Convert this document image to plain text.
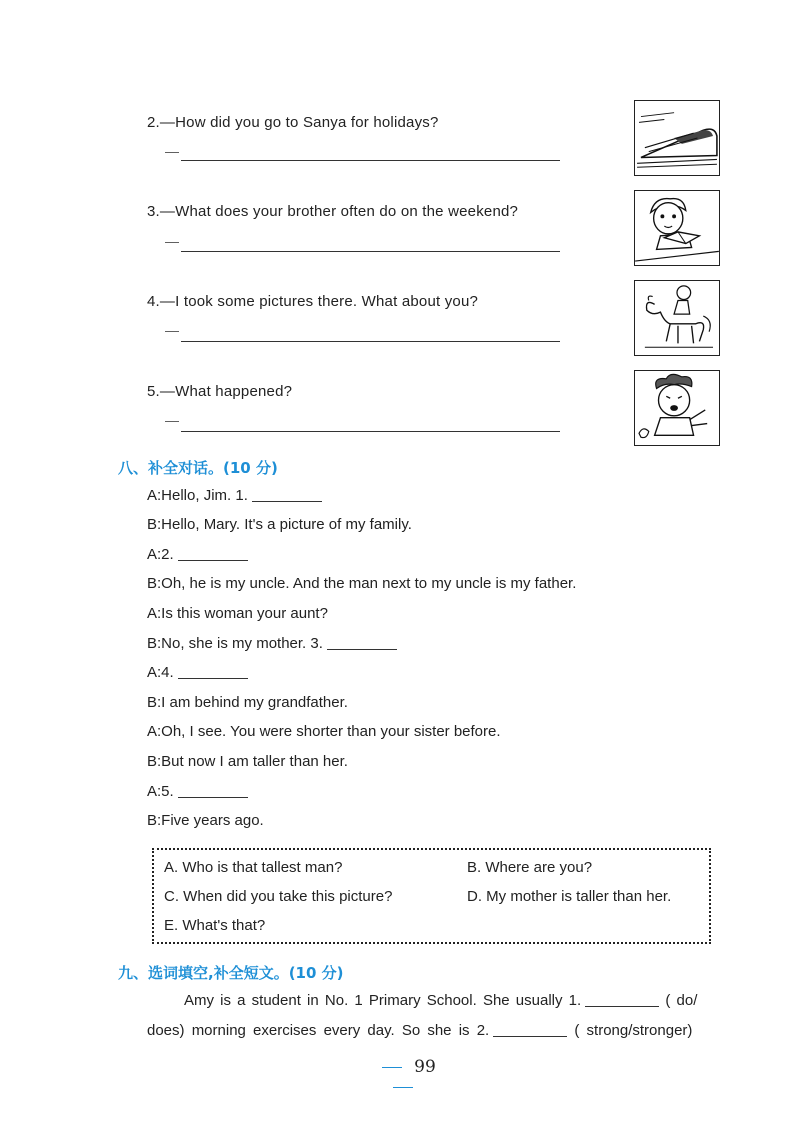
2.—How did you go to Sanya for holidays?
—
3.—What does your brother often do on the weekend?
—
4.—I took some pictures there. What about you?
—
5.—What happened?
—
八、补全对话。(10 分)
A:Hello, Jim. 1.
B:Hello, Mary. It's a picture of my family.
A:2.
B:Oh, he is my uncle. And the man next to my uncle is my father.
A:Is this woman your aunt?
B:No, she is my mother. 3.
A:4.
B:I am behind my grandfather.
A:Oh, I see. You were shorter than your sister before.
B:But now I am taller than her.
A:5.
B:Five years ago.
A. Who is that tallest man?	B. Where are you?
C. When did you take this picture?	D. My mother is taller than her.
E. What's that?
九、选词填空,补全短文。(10 分)
Amy is a student in No. 1 Primary School. She usually 1.	( do/
does) morning exercises every day. So she is 2.	( strong/stronger)
99
